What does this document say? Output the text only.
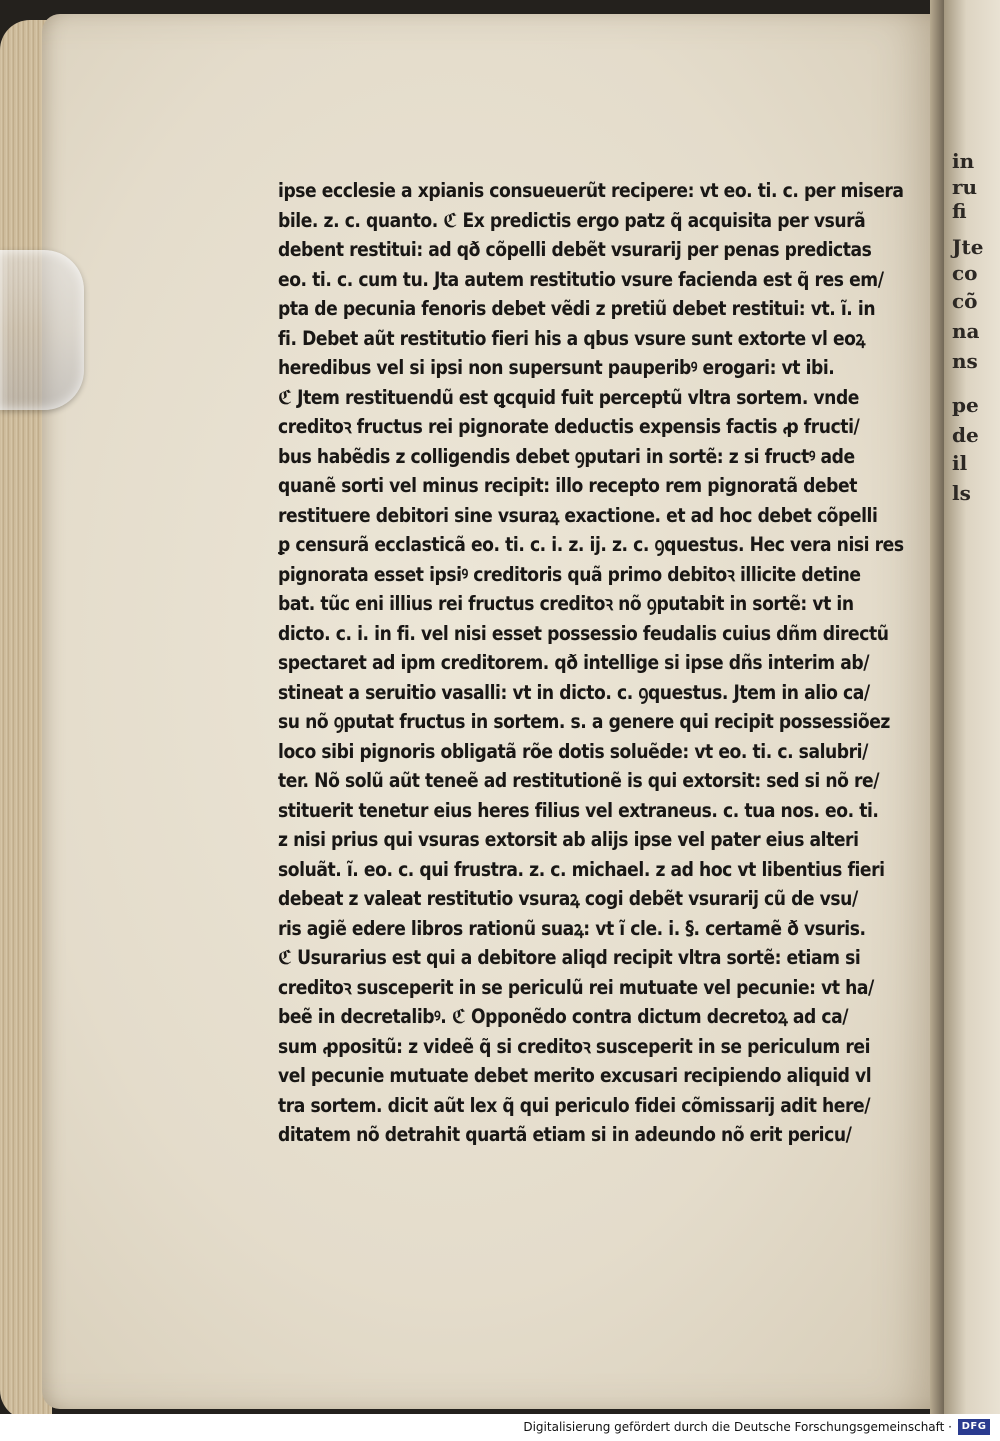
in
ru
fi
Jte
co
cõ
na
ns
pe
de
il
ls
ipse ecclesie a xpianis consueuerũt recipere: vt eo. ti. c. per misera
bile. z. c. quanto. ℭ Ex predictis ergo patz q̃ acquisita per vsurã
debent restitui: ad qð cõpelli debẽt vsurarij per penas predictas
eo. ti. c. cum tu. Jta autem restitutio vsure facienda est q̃ res em/
pta de pecunia fenoris debet vẽdi z pretiũ debet restitui: vt. ĩ. in
fi. Debet aũt restitutio fieri his a qbus vsure sunt extorte vl eoꝝ
heredibus vel si ipsi non supersunt pauperibꝰ erogari: vt ibi.
ℭ Jtem restituendũ est ꝗcquid fuit perceptũ vltra sortem. vnde
creditoꝛ fructus rei pignorate deductis expensis factis ꝓ fructi/
bus habẽdis z colligendis debet ꝯputari in sortẽ: z si fructꝰ ade
quanẽ sorti vel minus recipit: illo recepto rem pignoratã debet
restituere debitori sine vsuraꝝ exactione. et ad hoc debet cõpelli
ꝑ censurã ecclasticã eo. ti. c. i. z. ij. z. c. ꝯquestus. Hec vera nisi res
pignorata esset ipsiꝰ creditoris quã primo debitoꝛ illicite detine
bat. tũc eni illius rei fructus creditoꝛ nõ ꝯputabit in sortẽ: vt in
dicto. c. i. in fi. vel nisi esset possessio feudalis cuius dñm directũ
spectaret ad ipm creditorem. qð intellige si ipse dñs interim ab/
stineat a seruitio vasalli: vt in dicto. c. ꝯquestus. Jtem in alio ca/
su nõ ꝯputat fructus in sortem. s. a genere qui recipit possessiõez
loco sibi pignoris obligatã rõe dotis soluẽde: vt eo. ti. c. salubri/
ter. Nõ solũ aũt teneẽ ad restitutionẽ is qui extorsit: sed si nõ re/
stituerit tenetur eius heres filius vel extraneus. c. tua nos. eo. ti.
z nisi prius qui vsuras extorsit ab alijs ipse vel pater eius alteri
soluãt. ĩ. eo. c. qui frustra. z. c. michael. z ad hoc vt libentius fieri
debeat z valeat restitutio vsuraꝝ cogi debẽt vsurarij cũ de vsu/
ris agiẽ edere libros rationũ suaꝝ: vt ĩ cle. i. §. certamẽ ð vsuris.
ℭ Usurarius est qui a debitore aliqd recipit vltra sortẽ: etiam si
creditoꝛ susceperit in se periculũ rei mutuate vel pecunie: vt ha/
beẽ in decretalibꝰ. ℭ Opponẽdo contra dictum decretoꝝ ad ca/
sum ꝓpositũ: z videẽ q̃ si creditoꝛ susceperit in se periculum rei
vel pecunie mutuate debet merito excusari recipiendo aliquid vl
tra sortem. dicit aũt lex q̃ qui periculo fidei cõmissarij adit here/
ditatem nõ detrahit quartã etiam si in adeundo nõ erit pericu/
Digitalisierung gefördert durch die Deutsche Forschungsgemeinschaft · DFG
